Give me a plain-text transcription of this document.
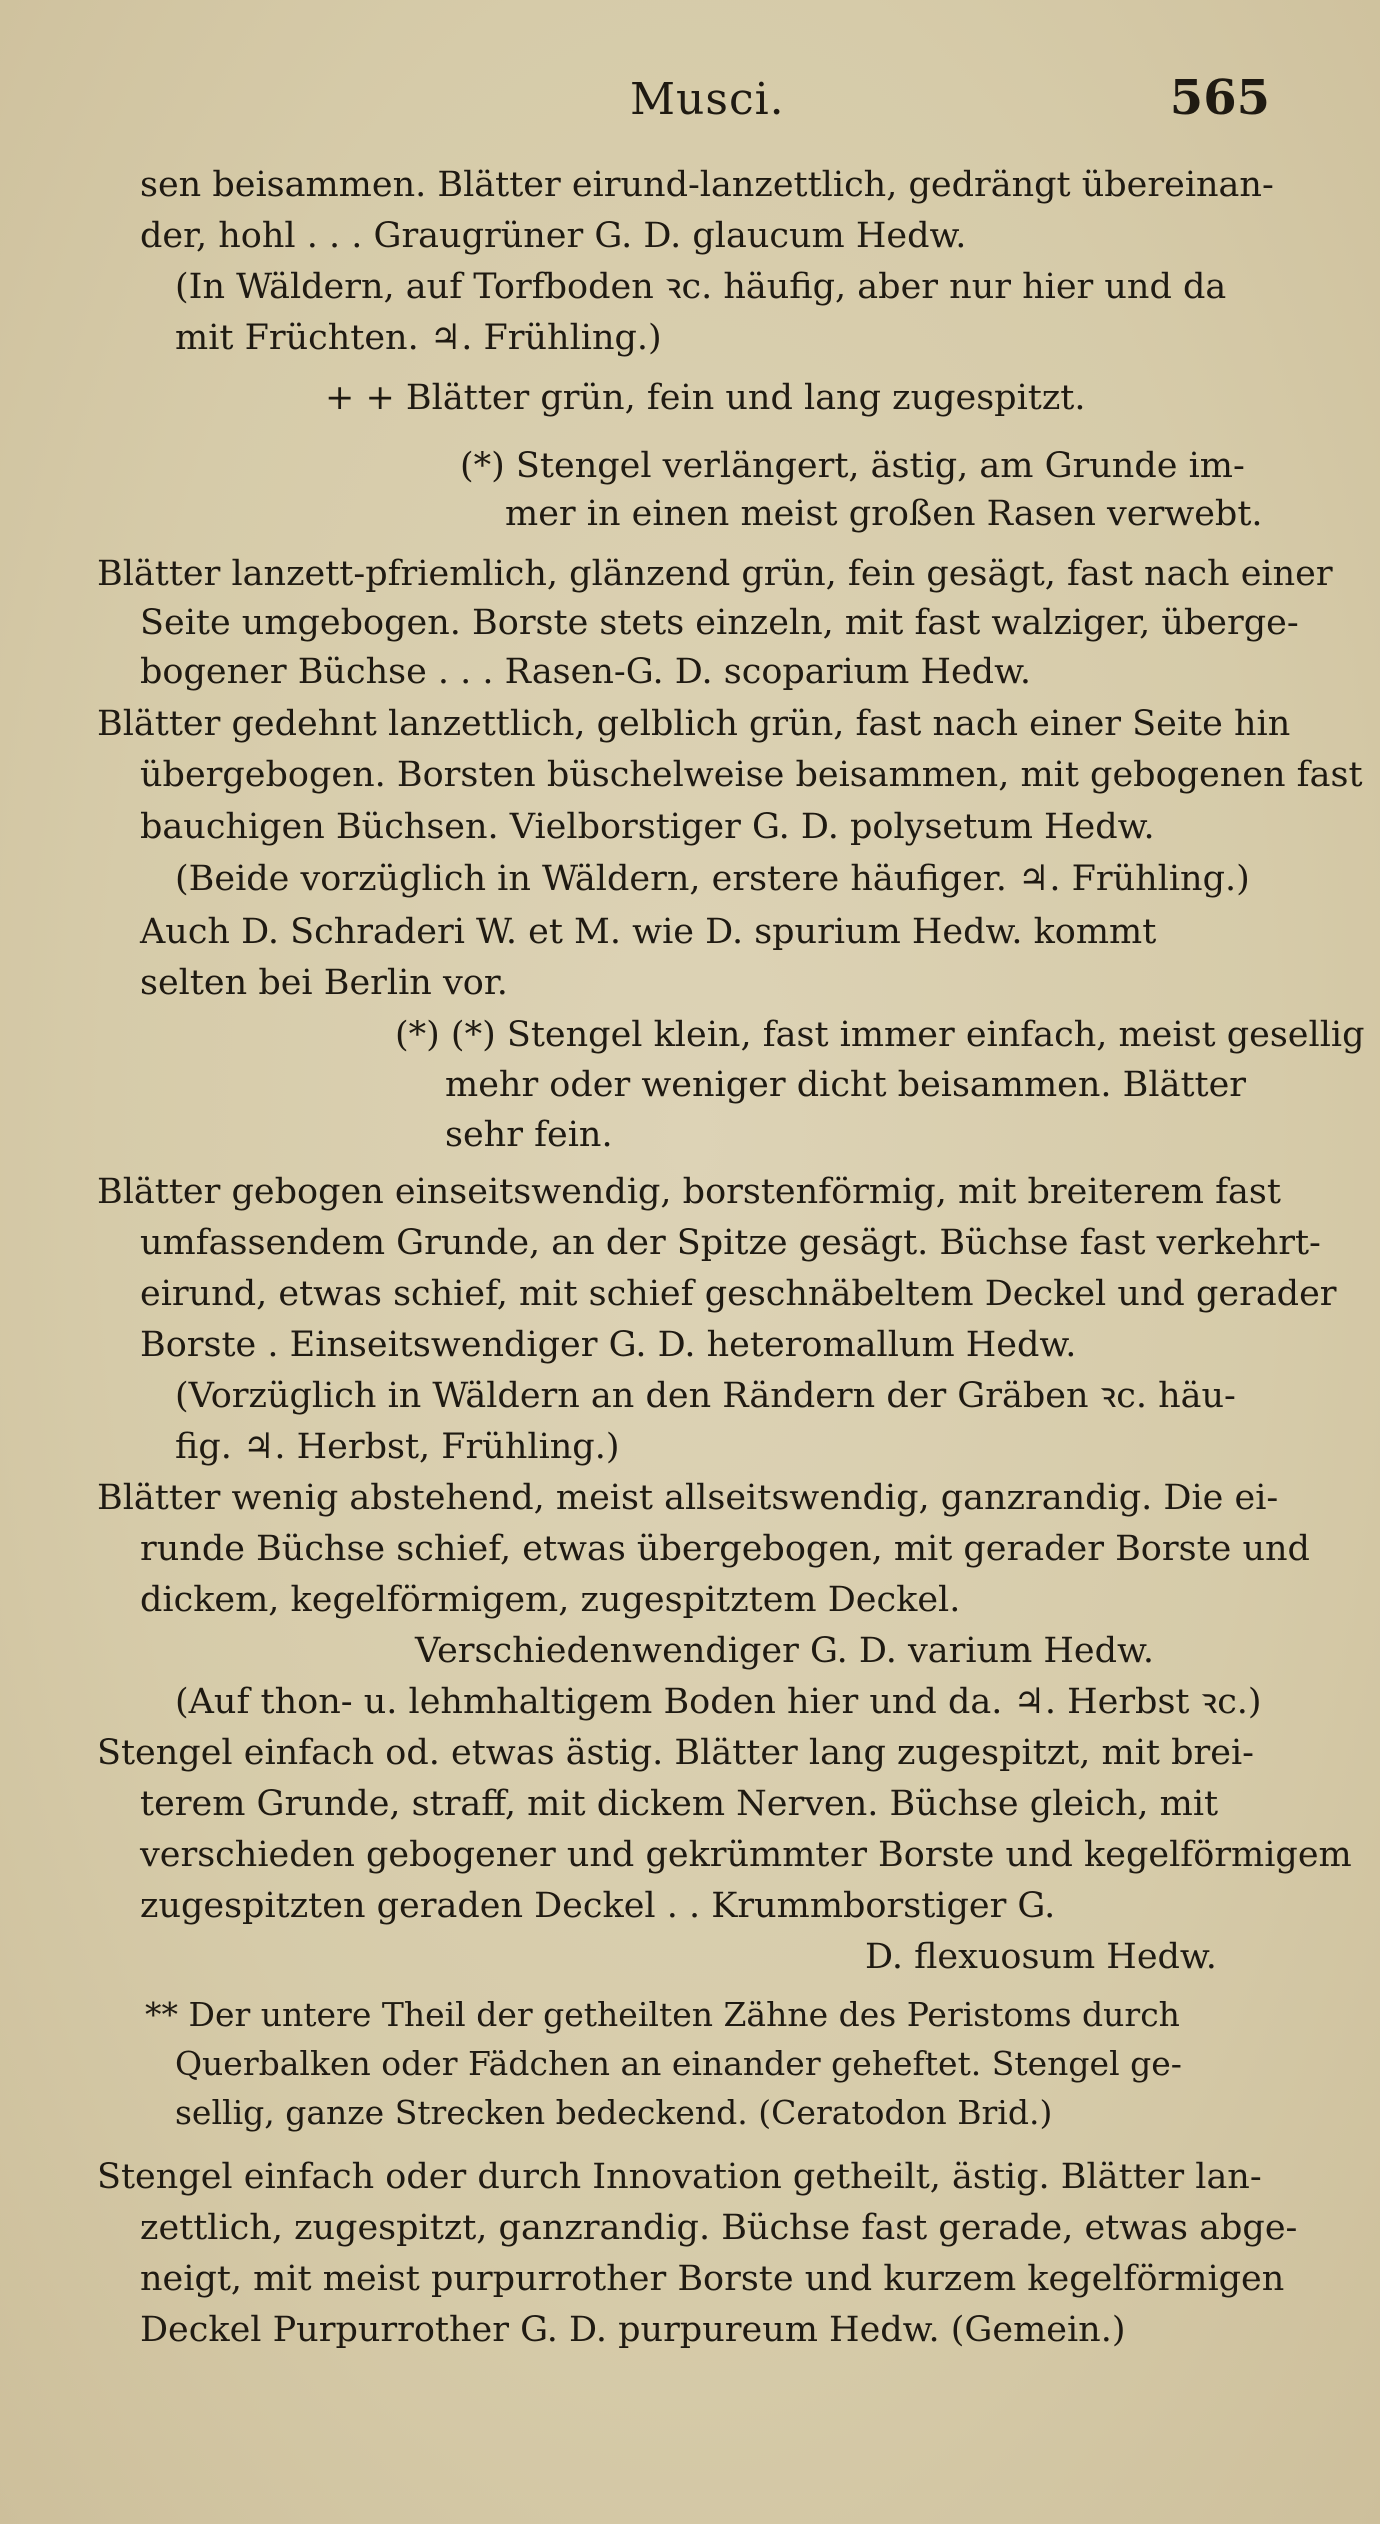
Musci.	565
sen beisammen. Blätter eirund-lanzettlich, gedrängt übereinan-
der, hohl . . . Graugrüner G. D. glaucum Hedw.
(In Wäldern, auf Torfboden ꝛc. häufig, aber nur hier und da
mit Früchten. ♃. Frühling.)
+ + Blätter grün, fein und lang zugespitzt.
(*) Stengel verlängert, ästig, am Grunde im-
mer in einen meist großen Rasen verwebt.
Blätter lanzett-pfriemlich, glänzend grün, fein gesägt, fast nach einer
Seite umgebogen. Borste stets einzeln, mit fast walziger, überge-
bogener Büchse . . . Rasen-G. D. scoparium Hedw.
Blätter gedehnt lanzettlich, gelblich grün, fast nach einer Seite hin
übergebogen. Borsten büschelweise beisammen, mit gebogenen fast
bauchigen Büchsen. Vielborstiger G. D. polysetum Hedw.
(Beide vorzüglich in Wäldern, erstere häufiger. ♃. Frühling.)
Auch D. Schraderi W. et M. wie D. spurium Hedw. kommt
selten bei Berlin vor.
(*) (*) Stengel klein, fast immer einfach, meist gesellig
mehr oder weniger dicht beisammen. Blätter
sehr fein.
Blätter gebogen einseitswendig, borstenförmig, mit breiterem fast
umfassendem Grunde, an der Spitze gesägt. Büchse fast verkehrt-
eirund, etwas schief, mit schief geschnäbeltem Deckel und gerader
Borste . Einseitswendiger G. D. heteromallum Hedw.
(Vorzüglich in Wäldern an den Rändern der Gräben ꝛc. häu-
fig. ♃. Herbst, Frühling.)
Blätter wenig abstehend, meist allseitswendig, ganzrandig. Die ei-
runde Büchse schief, etwas übergebogen, mit gerader Borste und
dickem, kegelförmigem, zugespitztem Deckel.
Verschiedenwendiger G. D. varium Hedw.
(Auf thon- u. lehmhaltigem Boden hier und da. ♃. Herbst ꝛc.)
Stengel einfach od. etwas ästig. Blätter lang zugespitzt, mit brei-
terem Grunde, straff, mit dickem Nerven. Büchse gleich, mit
verschieden gebogener und gekrümmter Borste und kegelförmigem
zugespitzten geraden Deckel . . Krummborstiger G.
D. flexuosum Hedw.
** Der untere Theil der getheilten Zähne des Peristoms durch
Querbalken oder Fädchen an einander geheftet. Stengel ge-
sellig, ganze Strecken bedeckend. (Ceratodon Brid.)
Stengel einfach oder durch Innovation getheilt, ästig. Blätter lan-
zettlich, zugespitzt, ganzrandig. Büchse fast gerade, etwas abge-
neigt, mit meist purpurrother Borste und kurzem kegelförmigen
Deckel Purpurrother G. D. purpureum Hedw. (Gemein.)
